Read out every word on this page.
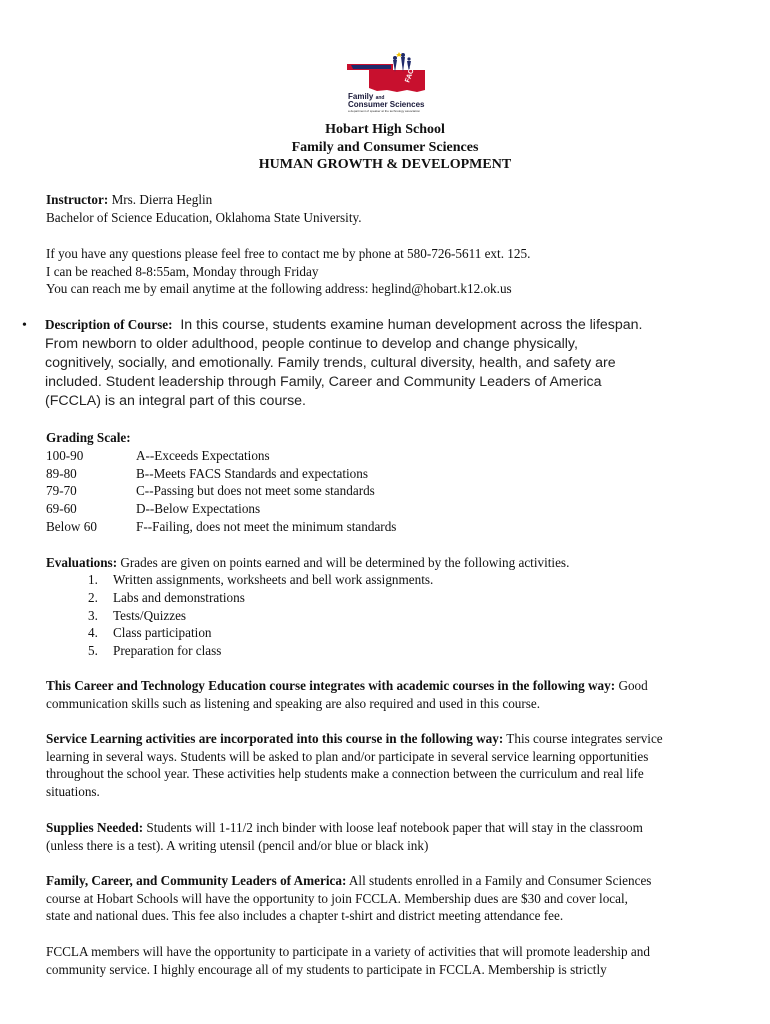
FACS
Family and
Consumer Sciences
a department of speaker at the technology association
Hobart High School
Family and Consumer Sciences
HUMAN GROWTH & DEVELOPMENT
Instructor: Mrs. Dierra Heglin
Bachelor of Science Education, Oklahoma State University.
If you have any questions please feel free to contact me by phone at 580-726-5611 ext. 125.
I can be reached 8-8:55am, Monday through Friday
You can reach me by email anytime at the following address: heglind@hobart.k12.ok.us
• Description of Course: In this course, students examine human development across the lifespan.
From newborn to older adulthood, people continue to develop and change physically,
cognitively, socially, and emotionally. Family trends, cultural diversity, health, and safety are
included. Student leadership through Family, Career and Community Leaders of America
(FCCLA) is an integral part of this course.
Grading Scale:
100-90	A--Exceeds Expectations
89-80	B--Meets FACS Standards and expectations
79-70	C--Passing but does not meet some standards
69-60	D--Below Expectations
Below 60	F--Failing, does not meet the minimum standards
Evaluations: Grades are given on points earned and will be determined by the following activities.
1. Written assignments, worksheets and bell work assignments.
2. Labs and demonstrations
3. Tests/Quizzes
4. Class participation
5. Preparation for class
This Career and Technology Education course integrates with academic courses in the following way: Good
communication skills such as listening and speaking are also required and used in this course.
Service Learning activities are incorporated into this course in the following way: This course integrates service
learning in several ways. Students will be asked to plan and/or participate in several service learning opportunities
throughout the school year. These activities help students make a connection between the curriculum and real life
situations.
Supplies Needed: Students will 1-11/2 inch binder with loose leaf notebook paper that will stay in the classroom
(unless there is a test). A writing utensil (pencil and/or blue or black ink)
Family, Career, and Community Leaders of America: All students enrolled in a Family and Consumer Sciences
course at Hobart Schools will have the opportunity to join FCCLA. Membership dues are $30 and cover local,
state and national dues. This fee also includes a chapter t-shirt and district meeting attendance fee.
FCCLA members will have the opportunity to participate in a variety of activities that will promote leadership and
community service. I highly encourage all of my students to participate in FCCLA. Membership is strictly
